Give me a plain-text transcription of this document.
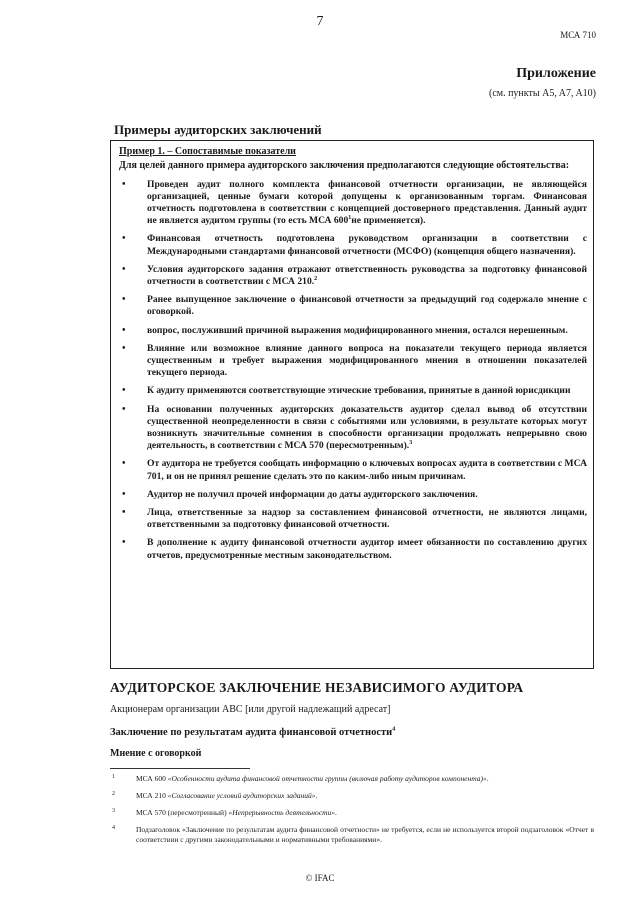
7
МСА 710
Приложение
(см. пункты A5, A7, A10)
Примеры аудиторских заключений
Пример 1. – Сопоставимые показатели
Для целей данного примера аудиторского заключения предполагаются следующие обстоятельства:
• Проведен аудит полного комплекта финансовой отчетности организации, не являющейся организацией, ценные бумаги которой допущены к организованным торгам. Финансовая отчетность подготовлена в соответствии с концепцией достоверного представления. Данный аудит не является аудитом группы (то есть МСА $600^1не$ применяется).
• Финансовая отчетность подготовлена руководством организации в соответствии с Международными стандартами финансовой отчетности (МСФО) (концепция общего назначения).
• Условия аудиторского задания отражают ответственность руководства за подготовку финансовой отчетности в соответствии с МСА 210.$^2$
• Ранее выпущенное заключение о финансовой отчетности за предыдущий год содержало мнение с оговоркой.
• вопрос, послуживший причиной выражения модифицированного мнения, остался нерешенным.
• Влияние или возможное влияние данного вопроса на показатели текущего периода является существенным и требует выражения модифицированного мнения в отношении показателей текущего периода.
• К аудиту применяются соответствующие этические требования, принятые в данной юрисдикции
• На основании полученных аудиторских доказательств аудитор сделал вывод об отсутствии существенной неопределенности в связи с событиями или условиями, в результате которых могут возникнуть значительные сомнения в способности организации продолжать непрерывно свою деятельность, в соответствии с МСА 570 (пересмотренным).$^3$
• От аудитора не требуется сообщать информацию о ключевых вопросах аудита в соответствии с МСА 701, и он не принял решение сделать это по каким-либо иным причинам.
• Аудитор не получил прочей информации до даты аудиторского заключения.
• Лица, ответственные за надзор за составлением финансовой отчетности, не являются лицами, ответственными за подготовку финансовой отчетности.
• В дополнение к аудиту финансовой отчетности аудитор имеет обязанности по составлению других отчетов, предусмотренные местным законодательством.
АУДИТОРСКОЕ ЗАКЛЮЧЕНИЕ НЕЗАВИСИМОГО АУДИТОРА
Акционерам организации АВС [или другой надлежащий адресат]
Заключение по результатам аудита финансовой отчетности$^4$
Мнение с оговоркой
1	МСА 600 «Особенности аудита финансовой отчетности группы (включая работу аудиторов компонента)».
2	МСА 210 «Согласование условий аудиторских заданий».
3	МСА 570 (пересмотренный) «Непрерывность деятельности».
4	Подзаголовок «Заключение по результатам аудита финансовой отчетности» не требуется, если не используется второй подзаголовок «Отчет в соответствии с другими законодательными и нормативными требованиями».
© IFAC
